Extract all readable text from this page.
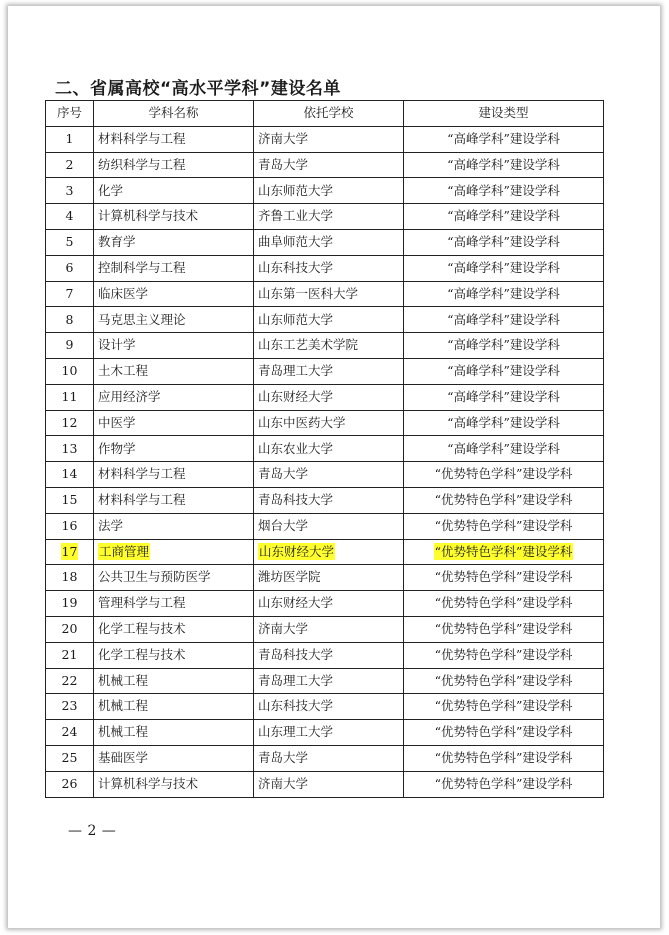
二、省属高校“高水平学科”建设名单
序号	学科名称	依托学校	建设类型
1	材料科学与工程	济南大学	“高峰学科”建设学科
2	纺织科学与工程	青岛大学	“高峰学科”建设学科
3	化学	山东师范大学	“高峰学科”建设学科
4	计算机科学与技术	齐鲁工业大学	“高峰学科”建设学科
5	教育学	曲阜师范大学	“高峰学科”建设学科
6	控制科学与工程	山东科技大学	“高峰学科”建设学科
7	临床医学	山东第一医科大学	“高峰学科”建设学科
8	马克思主义理论	山东师范大学	“高峰学科”建设学科
9	设计学	山东工艺美术学院	“高峰学科”建设学科
10	土木工程	青岛理工大学	“高峰学科”建设学科
11	应用经济学	山东财经大学	“高峰学科”建设学科
12	中医学	山东中医药大学	“高峰学科”建设学科
13	作物学	山东农业大学	“高峰学科”建设学科
14	材料科学与工程	青岛大学	“优势特色学科”建设学科
15	材料科学与工程	青岛科技大学	“优势特色学科”建设学科
16	法学	烟台大学	“优势特色学科”建设学科
17	工商管理	山东财经大学	“优势特色学科”建设学科
18	公共卫生与预防医学	潍坊医学院	“优势特色学科”建设学科
19	管理科学与工程	山东财经大学	“优势特色学科”建设学科
20	化学工程与技术	济南大学	“优势特色学科”建设学科
21	化学工程与技术	青岛科技大学	“优势特色学科”建设学科
22	机械工程	青岛理工大学	“优势特色学科”建设学科
23	机械工程	山东科技大学	“优势特色学科”建设学科
24	机械工程	山东理工大学	“优势特色学科”建设学科
25	基础医学	青岛大学	“优势特色学科”建设学科
26	计算机科学与技术	济南大学	“优势特色学科”建设学科
— 2 —
